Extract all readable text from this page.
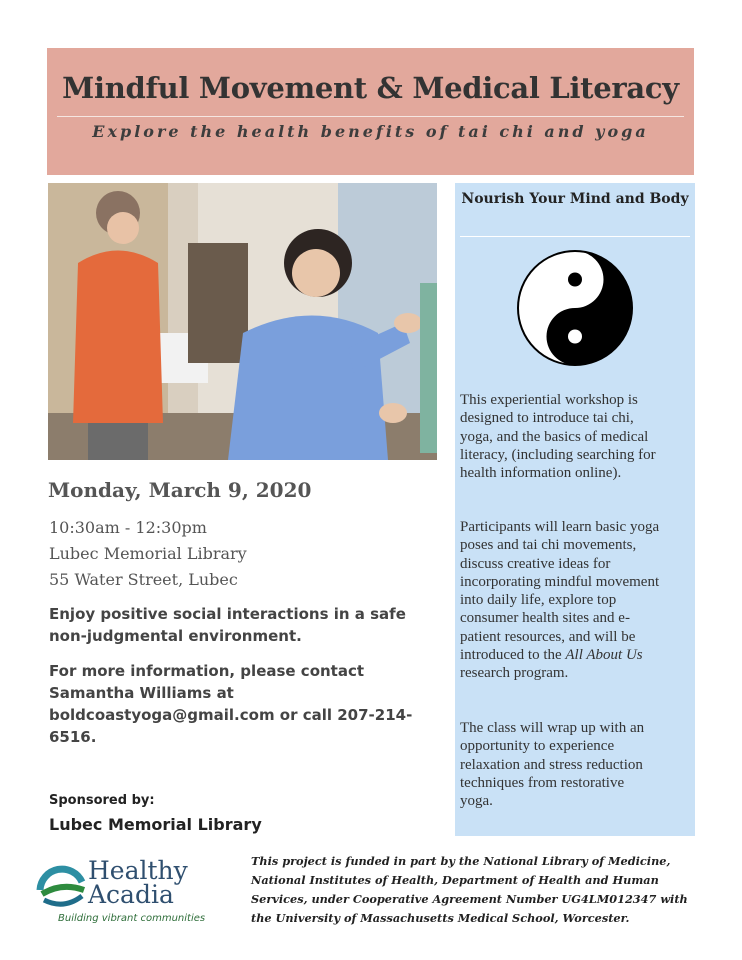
Mindful Movement & Medical Literacy
Explore the health benefits of tai chi and yoga
Nourish Your Mind and Body
This experiential workshop is designed to introduce tai chi, yoga, and the basics of medical literacy, (including searching for health information online).
Participants will learn basic yoga poses and tai chi movements, discuss creative ideas for incorporating mindful movement into daily life, explore top consumer health sites and e-patient resources, and will be introduced to the All About Us research program.
The class will wrap up with an opportunity to experience relaxation and stress reduction techniques from restorative yoga.
Monday, March 9, 2020
10:30am - 12:30pm
Lubec Memorial Library
55 Water Street, Lubec
Enjoy positive social interactions in a safe non-judgmental environment.
For more information, please contact Samantha Williams at boldcoastyoga@gmail.com or call 207-214-6516.
Sponsored by:
Lubec Memorial Library
Healthy
Acadia
Building vibrant communities
This project is funded in part by the National Library of Medicine, National Institutes of Health, Department of Health and Human Services, under Cooperative Agreement Number UG4LM012347 with the University of Massachusetts Medical School, Worcester.
